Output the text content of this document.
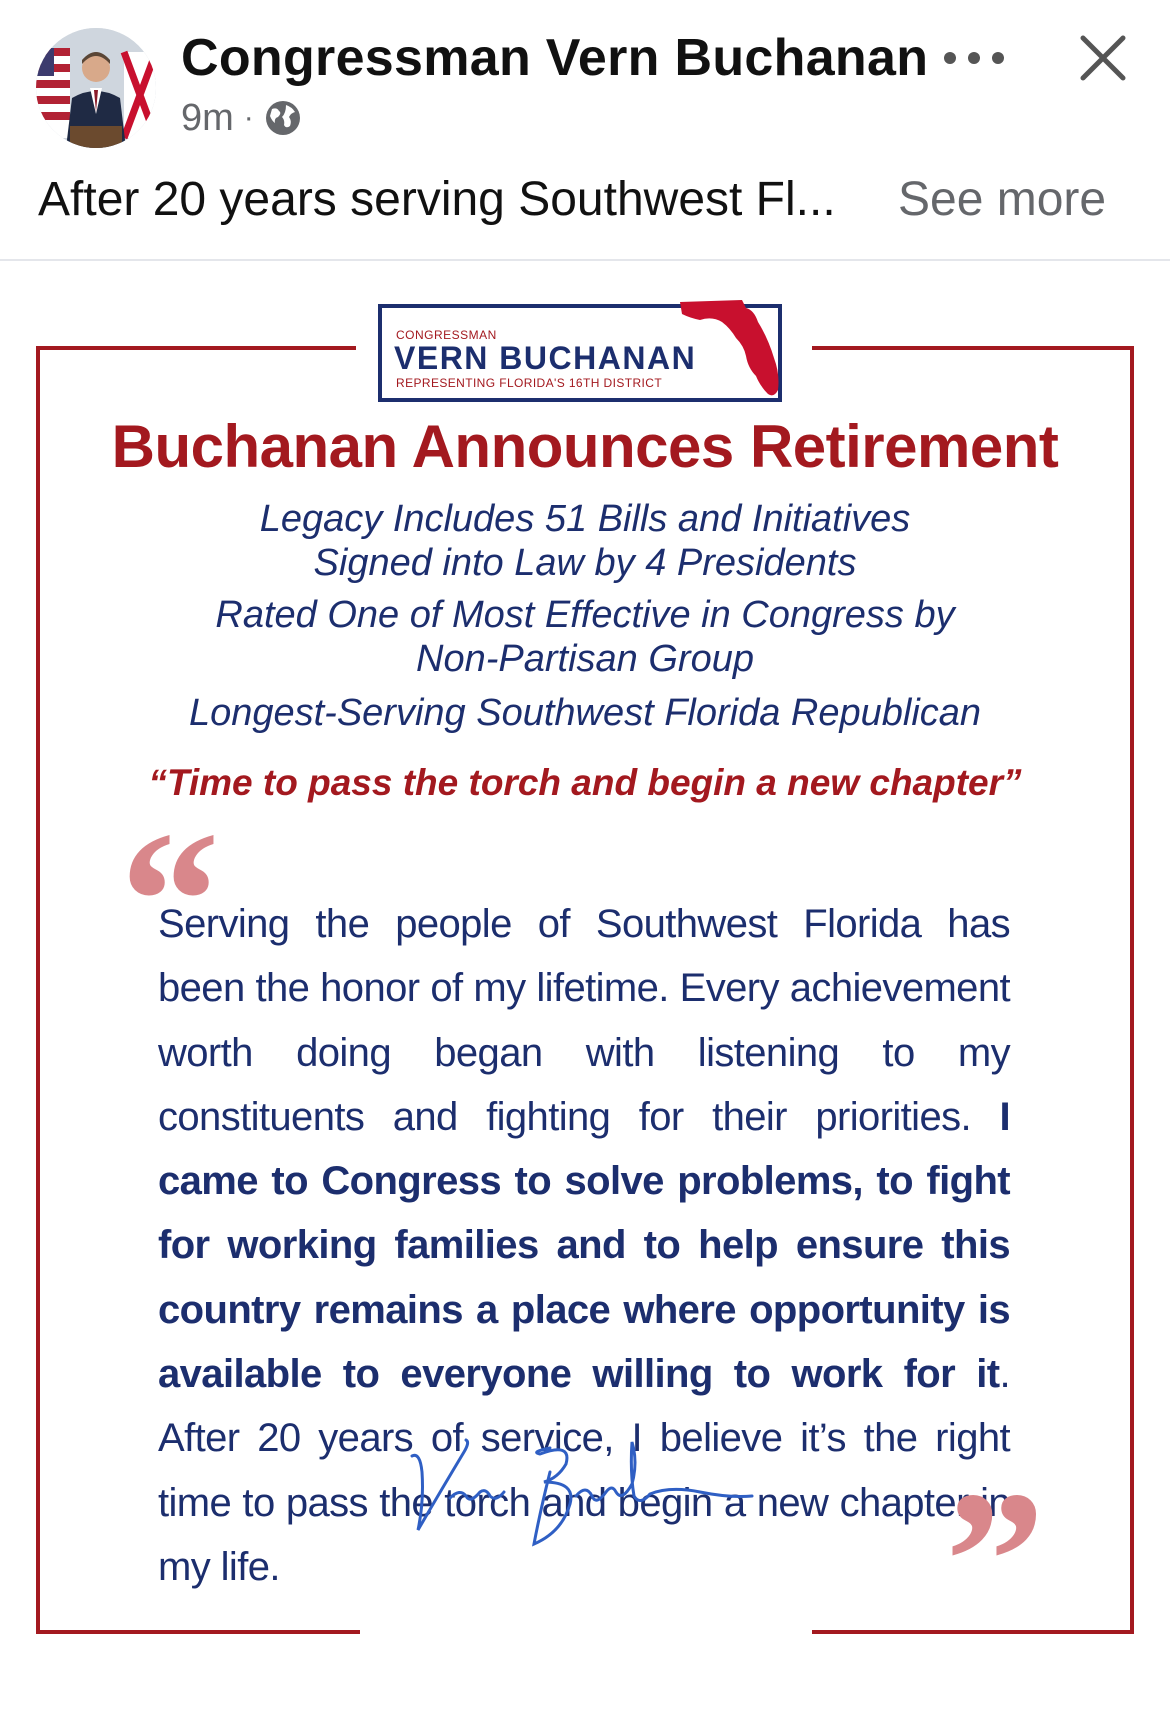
Congressman Vern Buchanan
9m ·
After 20 years serving Southwest Fl... See more
CONGRESSMAN
VERN BUCHANAN
REPRESENTING FLORIDA'S 16TH DISTRICT
Buchanan Announces Retirement
Legacy Includes 51 Bills and Initiatives
Signed into Law by 4 Presidents
Rated One of Most Effective in Congress by
Non-Partisan Group
Longest-Serving Southwest Florida Republican
“Time to pass the torch and begin a new chapter”
“
Serving the people of Southwest Florida has been the honor of my lifetime. Every achievement worth doing began with listening to my constituents and fighting for their priorities. I came to Congress to solve problems, to fight for working families and to help ensure this country remains a place where opportunity is available to everyone willing to work for it. After 20 years of service, I believe it’s the right time to pass the torch and begin a new chapter in my life.	”
